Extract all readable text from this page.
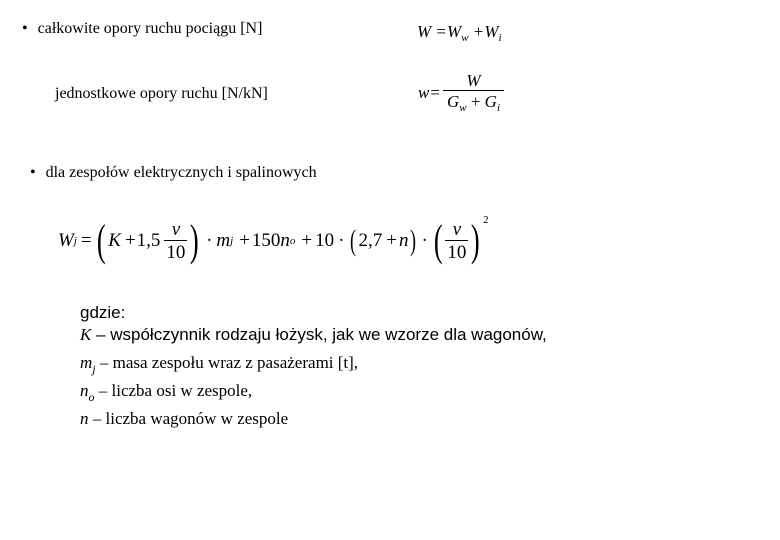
• całkowite opory ruchu pociągu [N]	$W =W_w +W_i$
jednostkowe opory ruchu [N/kN]	$w = \frac{W}{G_w + G_i}$
• dla zespołów elektrycznych i spalinowych
W j = ( $K + 1,5 \frac{v}{10}$ ) · m j + 150 n o + 10 · ( 2,7 + n ) · ( $\frac{v}{10}$ ) 2
gdzie:
K – współczynnik rodzaju łożysk, jak we wzorze dla wagonów,
$m_j$ – masa zespołu wraz z pasażerami [t],
$n_o$ – liczba osi w zespole,
n – liczba wagonów w zespole
